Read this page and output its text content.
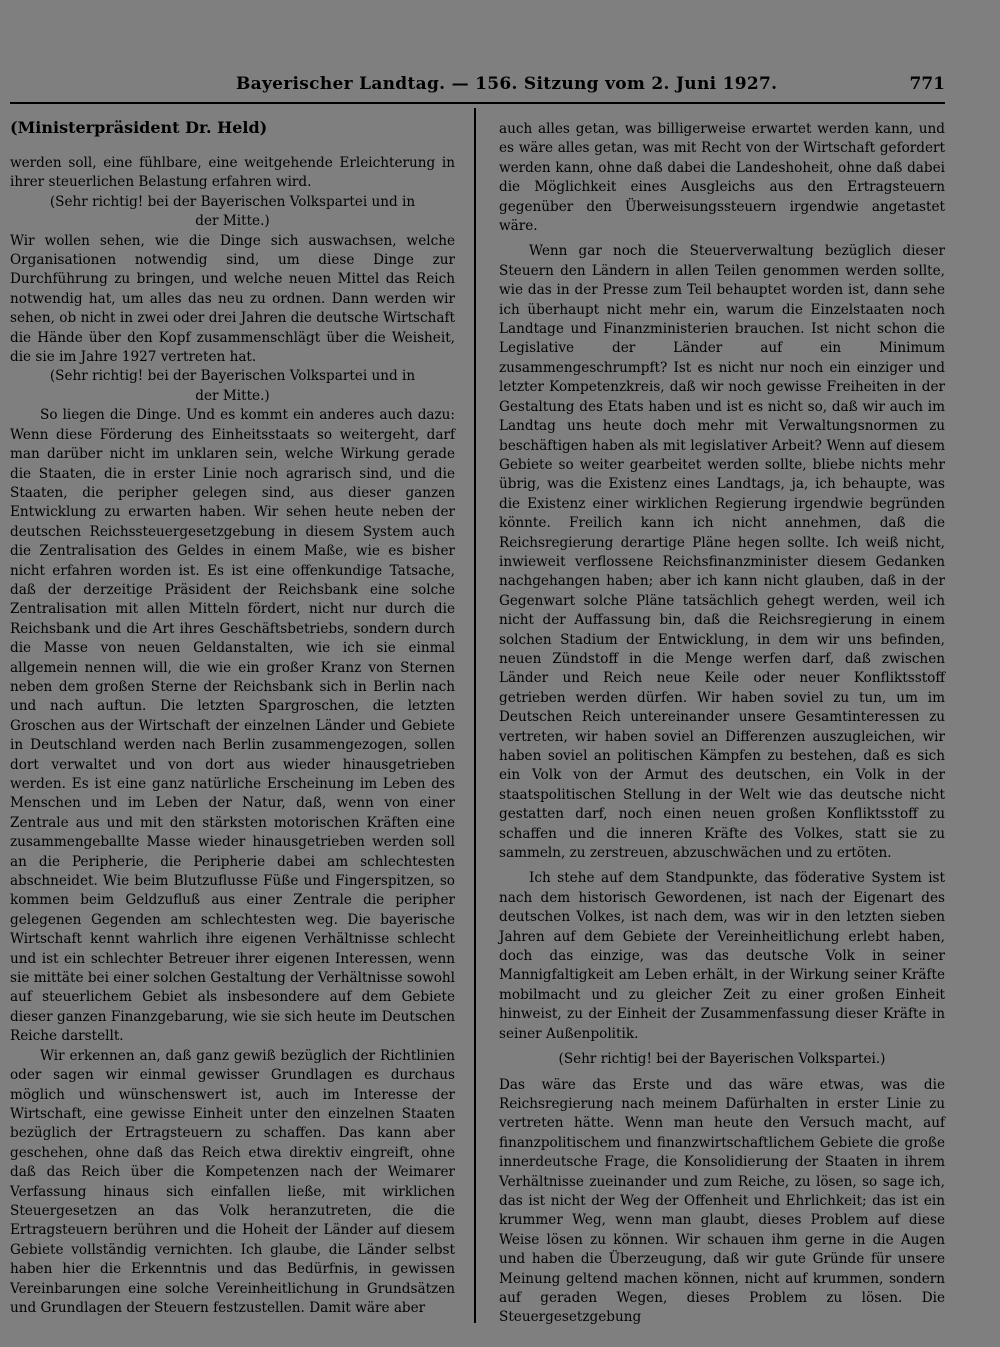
Bayerischer Landtag. — 156. Sitzung vom 2. Juni 1927.	771
(Ministerpräsident Dr. Held)

werden soll, eine fühlbare, eine weitgehende Erleichterung in ihrer steuerlichen Belastung erfahren wird.

(Sehr richtig! bei der Bayerischen Volkspartei und in der Mitte.)

Wir wollen sehen, wie die Dinge sich auswachsen, welche Organisationen notwendig sind, um diese Dinge zur Durchführung zu bringen, und welche neuen Mittel das Reich notwendig hat, um alles das neu zu ordnen. Dann werden wir sehen, ob nicht in zwei oder drei Jahren die deutsche Wirtschaft die Hände über den Kopf zusammenschlägt über die Weisheit, die sie im Jahre 1927 vertreten hat.

(Sehr richtig! bei der Bayerischen Volkspartei und in der Mitte.)

So liegen die Dinge. Und es kommt ein anderes auch dazu: Wenn diese Förderung des Einheitsstaats so weitergeht, darf man darüber nicht im unklaren sein, welche Wirkung gerade die Staaten, die in erster Linie noch agrarisch sind, und die Staaten, die peripher gelegen sind, aus dieser ganzen Entwicklung zu erwarten haben. Wir sehen heute neben der deutschen Reichssteuergesetzgebung in diesem System auch die Zentralisation des Geldes in einem Maße, wie es bisher nicht erfahren worden ist. Es ist eine offenkundige Tatsache, daß der derzeitige Präsident der Reichsbank eine solche Zentralisation mit allen Mitteln fördert, nicht nur durch die Reichsbank und die Art ihres Geschäftsbetriebs, sondern durch die Masse von neuen Geldanstalten, wie ich sie einmal allgemein nennen will, die wie ein großer Kranz von Sternen neben dem großen Sterne der Reichsbank sich in Berlin nach und nach auftun. Die letzten Spargroschen, die letzten Groschen aus der Wirtschaft der einzelnen Länder und Gebiete in Deutschland werden nach Berlin zusammengezogen, sollen dort verwaltet und von dort aus wieder hinausgetrieben werden. Es ist eine ganz natürliche Erscheinung im Leben des Menschen und im Leben der Natur, daß, wenn von einer Zentrale aus und mit den stärksten motorischen Kräften eine zusammengeballte Masse wieder hinausgetrieben werden soll an die Peripherie, die Peripherie dabei am schlechtesten abschneidet. Wie beim Blutzuflusse Füße und Fingerspitzen, so kommen beim Geldzufluß aus einer Zentrale die peripher gelegenen Gegenden am schlechtesten weg. Die bayerische Wirtschaft kennt wahrlich ihre eigenen Verhältnisse schlecht und ist ein schlechter Betreuer ihrer eigenen Interessen, wenn sie mittäte bei einer solchen Gestaltung der Verhältnisse sowohl auf steuerlichem Gebiet als insbesondere auf dem Gebiete dieser ganzen Finanzgebarung, wie sie sich heute im Deutschen Reiche darstellt.

Wir erkennen an, daß ganz gewiß bezüglich der Richtlinien oder sagen wir einmal gewisser Grundlagen es durchaus möglich und wünschenswert ist, auch im Interesse der Wirtschaft, eine gewisse Einheit unter den einzelnen Staaten bezüglich der Ertragsteuern zu schaffen. Das kann aber geschehen, ohne daß das Reich etwa direktiv eingreift, ohne daß das Reich über die Kompetenzen nach der Weimarer Verfassung hinaus sich einfallen ließe, mit wirklichen Steuergesetzen an das Volk heranzutreten, die die Ertragsteuern berühren und die Hoheit der Länder auf diesem Gebiete vollständig vernichten. Ich glaube, die Länder selbst haben hier die Erkenntnis und das Bedürfnis, in gewissen Vereinbarungen eine solche Vereinheitlichung in Grundsätzen und Grundlagen der Steuern festzustellen. Damit wäre aber

auch alles getan, was billigerweise erwartet werden kann, und es wäre alles getan, was mit Recht von der Wirtschaft gefordert werden kann, ohne daß dabei die Landeshoheit, ohne daß dabei die Möglichkeit eines Ausgleichs aus den Ertragsteuern gegenüber den Überweisungssteuern irgendwie angetastet wäre.

Wenn gar noch die Steuerverwaltung bezüglich dieser Steuern den Ländern in allen Teilen genommen werden sollte, wie das in der Presse zum Teil behauptet worden ist, dann sehe ich überhaupt nicht mehr ein, warum die Einzelstaaten noch Landtage und Finanzministerien brauchen. Ist nicht schon die Legislative der Länder auf ein Minimum zusammengeschrumpft? Ist es nicht nur noch ein einziger und letzter Kompetenzkreis, daß wir noch gewisse Freiheiten in der Gestaltung des Etats haben und ist es nicht so, daß wir auch im Landtag uns heute doch mehr mit Verwaltungsnormen zu beschäftigen haben als mit legislativer Arbeit? Wenn auf diesem Gebiete so weiter gearbeitet werden sollte, bliebe nichts mehr übrig, was die Existenz eines Landtags, ja, ich behaupte, was die Existenz einer wirklichen Regierung irgendwie begründen könnte. Freilich kann ich nicht annehmen, daß die Reichsregierung derartige Pläne hegen sollte. Ich weiß nicht, inwieweit verflossene Reichsfinanzminister diesem Gedanken nachgehangen haben; aber ich kann nicht glauben, daß in der Gegenwart solche Pläne tatsächlich gehegt werden, weil ich nicht der Auffassung bin, daß die Reichsregierung in einem solchen Stadium der Entwicklung, in dem wir uns befinden, neuen Zündstoff in die Menge werfen darf, daß zwischen Länder und Reich neue Keile oder neuer Konfliktsstoff getrieben werden dürfen. Wir haben soviel zu tun, um im Deutschen Reich untereinander unsere Gesamtinteressen zu vertreten, wir haben soviel an Differenzen auszugleichen, wir haben soviel an politischen Kämpfen zu bestehen, daß es sich ein Volk von der Armut des deutschen, ein Volk in der staatspolitischen Stellung in der Welt wie das deutsche nicht gestatten darf, noch einen neuen großen Konfliktsstoff zu schaffen und die inneren Kräfte des Volkes, statt sie zu sammeln, zu zerstreuen, abzuschwächen und zu ertöten.

Ich stehe auf dem Standpunkte, das föderative System ist nach dem historisch Gewordenen, ist nach der Eigenart des deutschen Volkes, ist nach dem, was wir in den letzten sieben Jahren auf dem Gebiete der Vereinheitlichung erlebt haben, doch das einzige, was das deutsche Volk in seiner Mannigfaltigkeit am Leben erhält, in der Wirkung seiner Kräfte mobilmacht und zu gleicher Zeit zu einer großen Einheit hinweist, zu der Einheit der Zusammenfassung dieser Kräfte in seiner Außenpolitik.

(Sehr richtig! bei der Bayerischen Volkspartei.)

Das wäre das Erste und das wäre etwas, was die Reichsregierung nach meinem Dafürhalten in erster Linie zu vertreten hätte. Wenn man heute den Versuch macht, auf finanzpolitischem und finanzwirtschaftlichem Gebiete die große innerdeutsche Frage, die Konsolidierung der Staaten in ihrem Verhältnisse zueinander und zum Reiche, zu lösen, so sage ich, das ist nicht der Weg der Offenheit und Ehrlichkeit; das ist ein krummer Weg, wenn man glaubt, dieses Problem auf diese Weise lösen zu können. Wir schauen ihm gerne in die Augen und haben die Überzeugung, daß wir gute Gründe für unsere Meinung geltend machen können, nicht auf krummen, sondern auf geraden Wegen, dieses Problem zu lösen. Die Steuergesetzgebung
